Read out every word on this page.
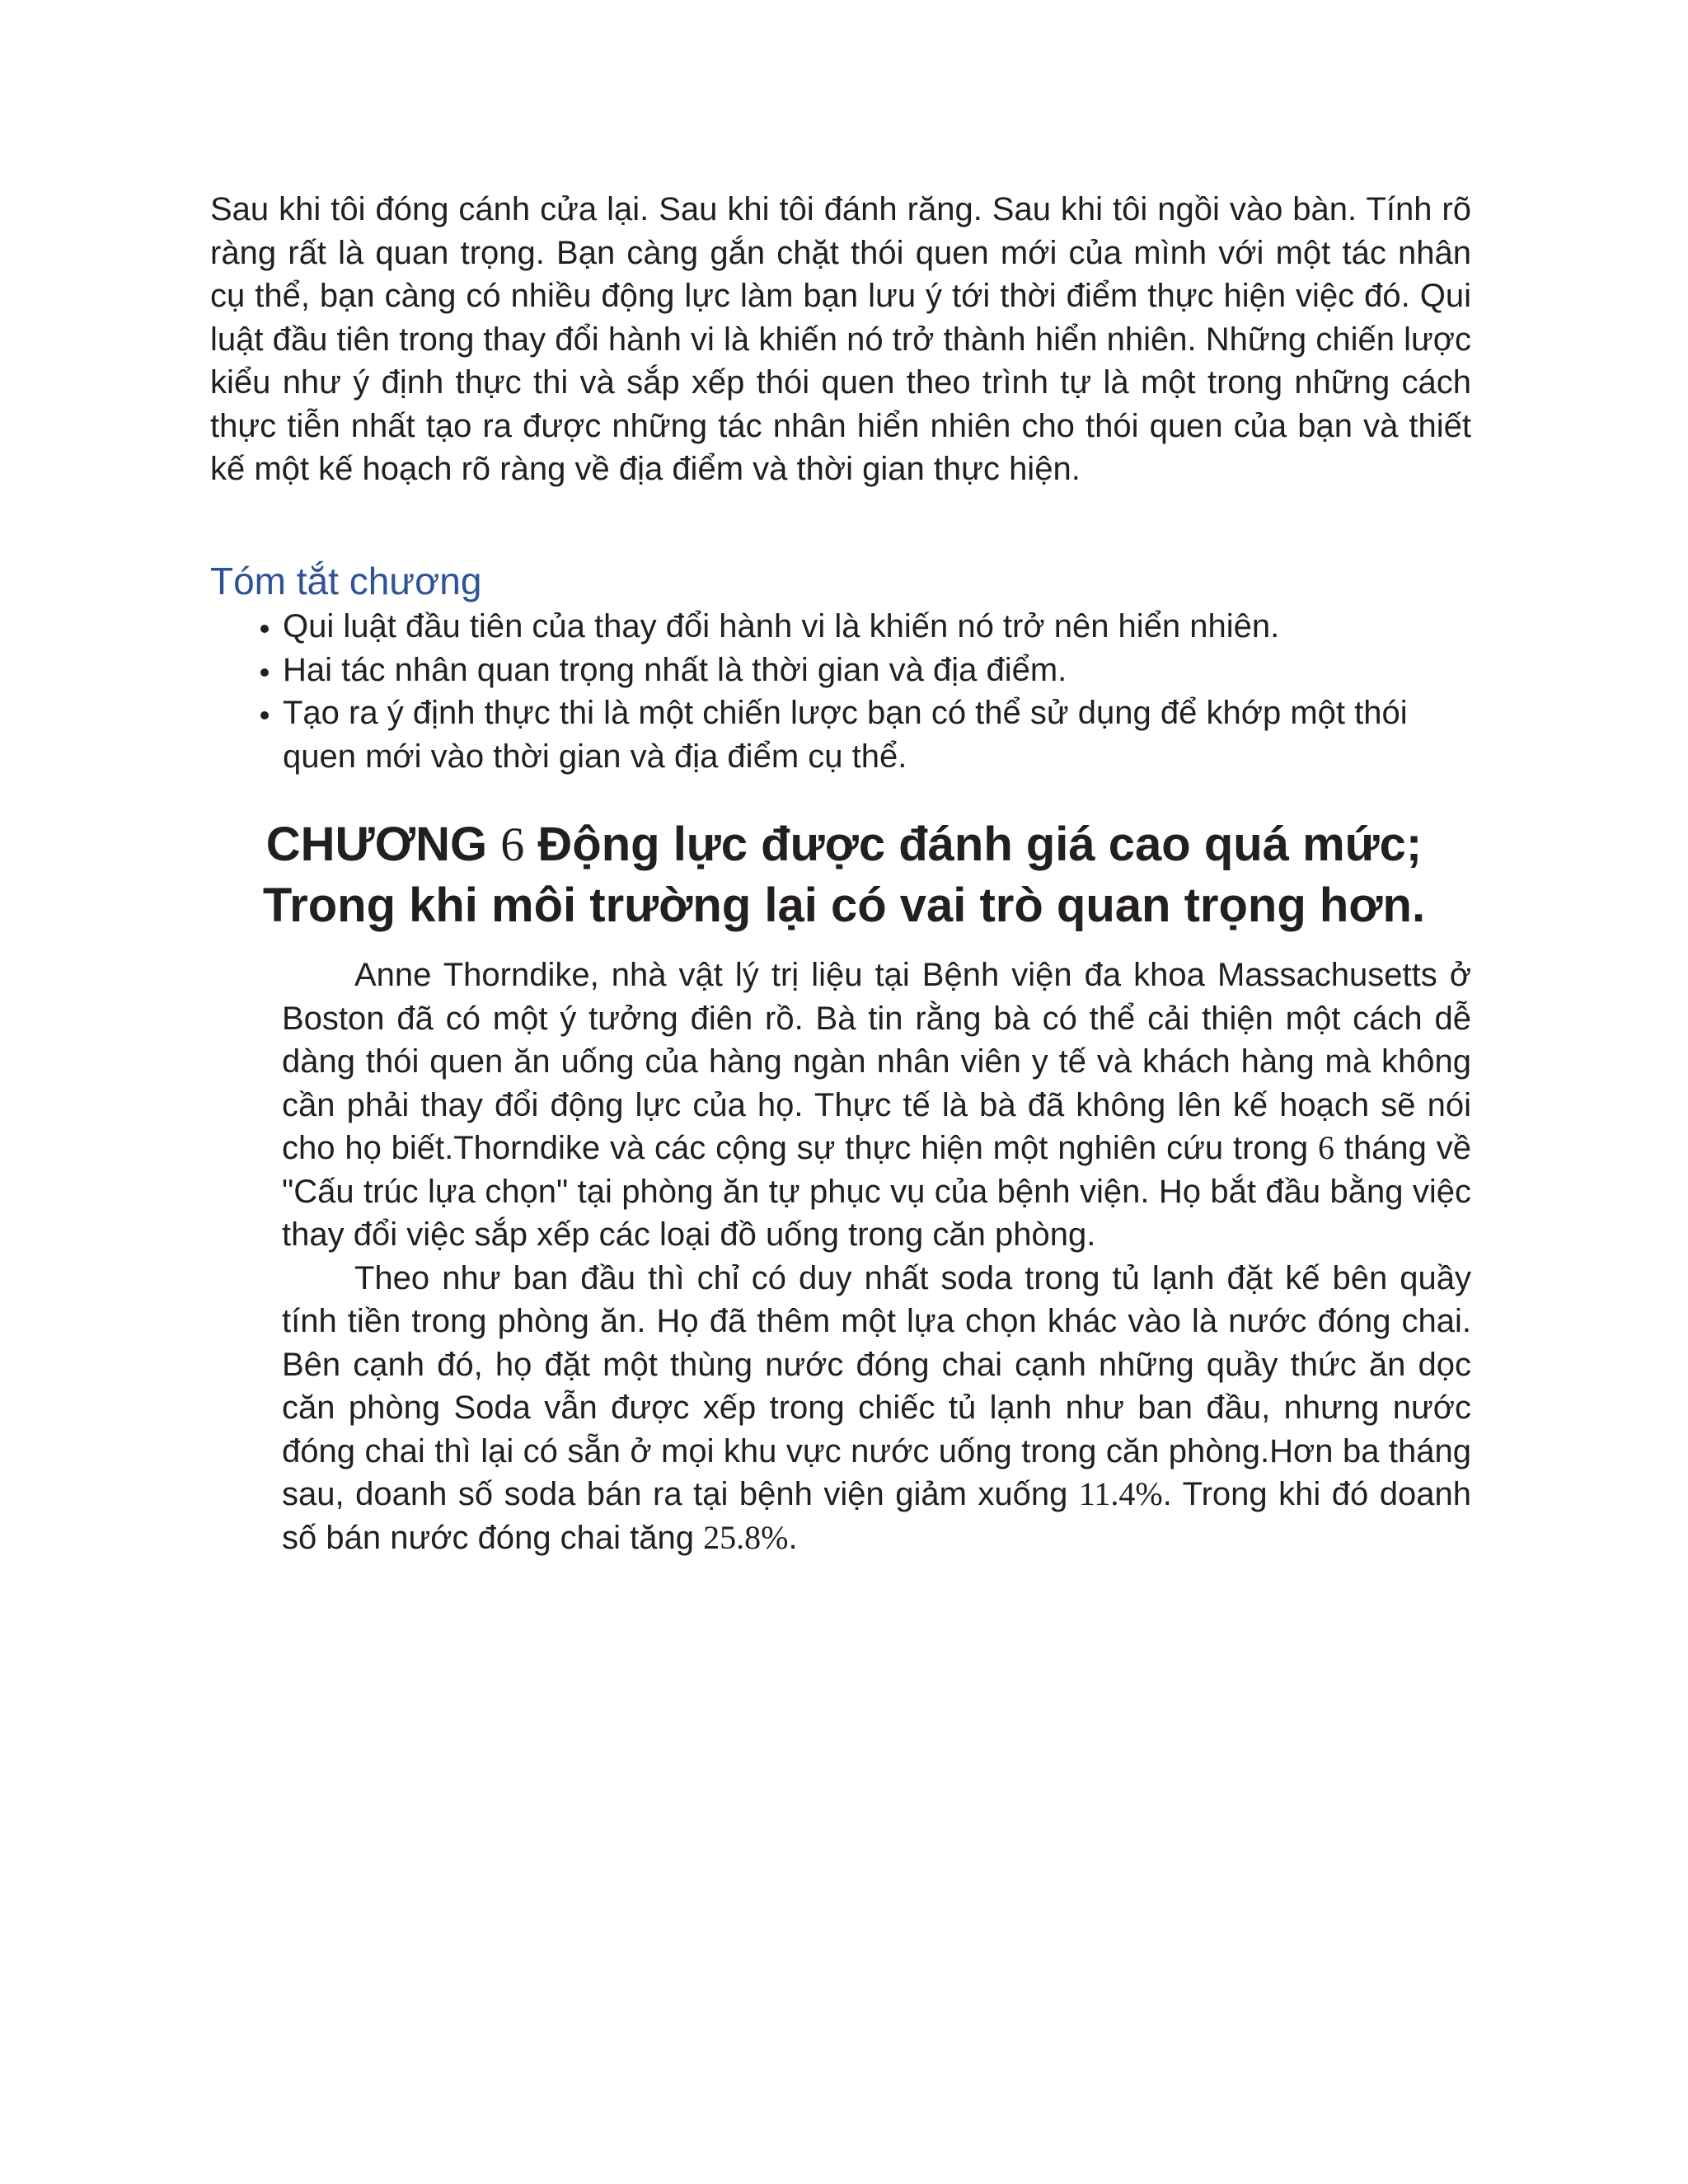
Sau khi tôi đóng cánh cửa lại. Sau khi tôi đánh răng. Sau khi tôi ngồi vào bàn. Tính rõ ràng rất là quan trọng. Bạn càng gắn chặt thói quen mới của mình với một tác nhân cụ thể, bạn càng có nhiều động lực làm bạn lưu ý tới thời điểm thực hiện việc đó. Qui luật đầu tiên trong thay đổi hành vi là khiến nó trở thành hiển nhiên. Những chiến lược kiểu như ý định thực thi và sắp xếp thói quen theo trình tự là một trong những cách thực tiễn nhất tạo ra được những tác nhân hiển nhiên cho thói quen của bạn và thiết kế một kế hoạch rõ ràng về địa điểm và thời gian thực hiện.

Tóm tắt chương
• Qui luật đầu tiên của thay đổi hành vi là khiến nó trở nên hiển nhiên.
• Hai tác nhân quan trọng nhất là thời gian và địa điểm.
• Tạo ra ý định thực thi là một chiến lược bạn có thể sử dụng để khớp một thói quen mới vào thời gian và địa điểm cụ thể.
CHƯƠNG 6 Động lực được đánh giá cao quá mức;
Trong khi môi trường lại có vai trò quan trọng hơn.

Anne Thorndike, nhà vật lý trị liệu tại Bệnh viện đa khoa Massachusetts ở Boston đã có một ý tưởng điên rồ. Bà tin rằng bà có thể cải thiện một cách dễ dàng thói quen ăn uống của hàng ngàn nhân viên y tế và khách hàng mà không cần phải thay đổi động lực của họ. Thực tế là bà đã không lên kế hoạch sẽ nói cho họ biết.Thorndike và các cộng sự thực hiện một nghiên cứu trong 6 tháng về "Cấu trúc lựa chọn" tại phòng ăn tự phục vụ của bệnh viện. Họ bắt đầu bằng việc thay đổi việc sắp xếp các loại đồ uống trong căn phòng.

Theo như ban đầu thì chỉ có duy nhất soda trong tủ lạnh đặt kế bên quầy tính tiền trong phòng ăn. Họ đã thêm một lựa chọn khác vào là nước đóng chai. Bên cạnh đó, họ đặt một thùng nước đóng chai cạnh những quầy thức ăn dọc căn phòng Soda vẫn được xếp trong chiếc tủ lạnh như ban đầu, nhưng nước đóng chai thì lại có sẵn ở mọi khu vực nước uống trong căn phòng.Hơn ba tháng sau, doanh số soda bán ra tại bệnh viện giảm xuống 11.4%. Trong khi đó doanh số bán nước đóng chai tăng 25.8%.
